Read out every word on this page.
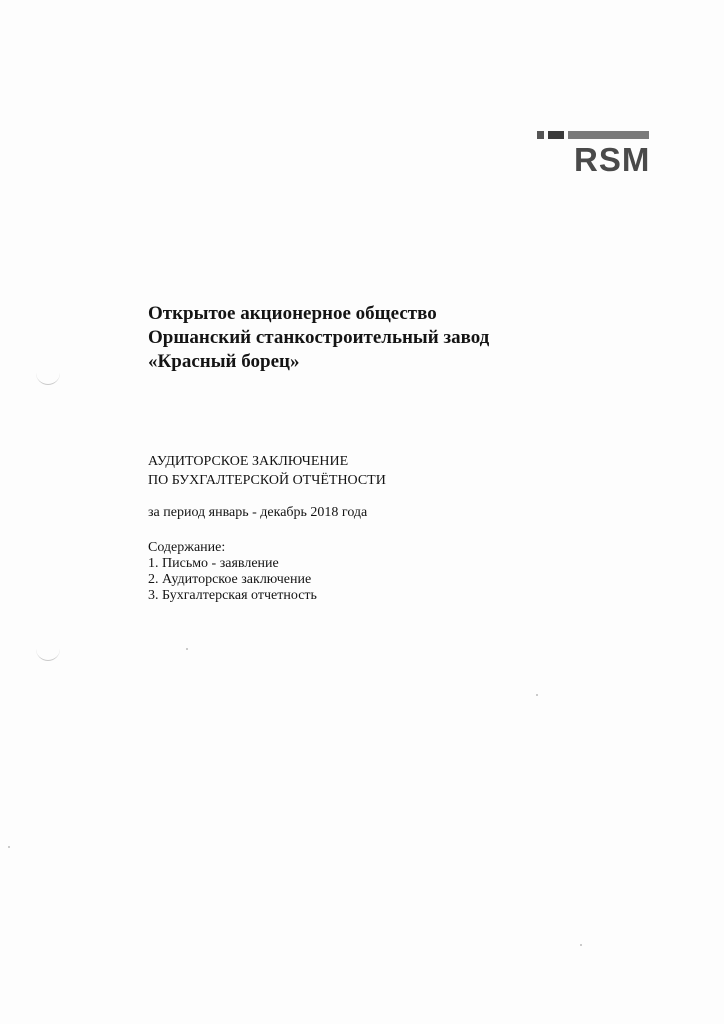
RSM
Открытое акционерное общество
Оршанский станкостроительный завод
«Красный борец»
АУДИТОРСКОЕ ЗАКЛЮЧЕНИЕ
ПО БУХГАЛТЕРСКОЙ ОТЧЁТНОСТИ
за период январь - декабрь 2018 года
Содержание:
1. Письмо - заявление
2. Аудиторское заключение
3. Бухгалтерская отчетность
